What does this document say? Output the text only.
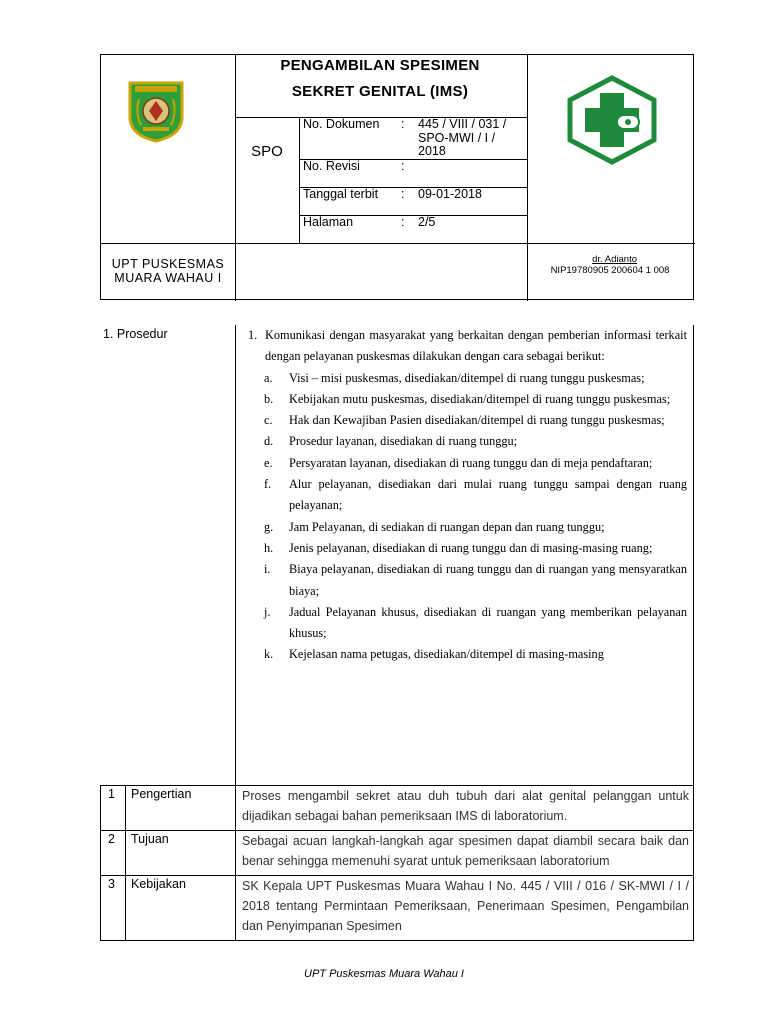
PENGAMBILAN SPESIMEN
SEKRET GENITAL (IMS)
SPO
No. Dokumen : 445 / VIII / 031 / SPO-MWI / I / 2018
No. Revisi	:
Tanggal terbit : 09-01-2018
Halaman	: 2/5
UPT PUSKESMAS
MUARA WAHAU I
dr. Adianto
NIP19780905 200604 1 008
1. Prosedur	1. Komunikasi dengan masyarakat yang berkaitan dengan pemberian informasi terkait dengan pelayanan puskesmas dilakukan dengan cara sebagai berikut:
a.	Visi – misi puskesmas, disediakan/ditempel di ruang tunggu puskesmas;
b.	Kebijakan mutu puskesmas, disediakan/ditempel di ruang tunggu puskesmas;
c.	Hak dan Kewajiban Pasien disediakan/ditempel di ruang tunggu puskesmas;
d.	Prosedur layanan, disediakan di ruang tunggu;
e.	Persyaratan layanan, disediakan di ruang tunggu dan di meja pendaftaran;
f.	Alur pelayanan, disediakan dari mulai ruang tunggu sampai dengan ruang pelayanan;
g.	Jam Pelayanan, di sediakan di ruangan depan dan ruang tunggu;
h.	Jenis pelayanan, disediakan di ruang tunggu dan di masing-masing ruang;
i.	Biaya pelayanan, disediakan di ruang tunggu dan di ruangan yang mensyaratkan biaya;
j.	Jadual Pelayanan khusus, disediakan di ruangan yang memberikan pelayanan khusus;
k.	Kejelasan nama petugas, disediakan/ditempel di masing-masing
1	Pengertian	Proses mengambil sekret atau duh tubuh dari alat genital pelanggan untuk dijadikan sebagai bahan pemeriksaan IMS di laboratorium.
2	Tujuan	Sebagai acuan langkah-langkah agar spesimen dapat diambil secara baik dan benar sehingga memenuhi syarat untuk pemeriksaan laboratorium
3	Kebijakan	SK Kepala UPT Puskesmas Muara Wahau I No. 445 / VIII / 016 / SK-MWI / I / 2018 tentang Permintaan Pemeriksaan, Penerimaan Spesimen, Pengambilan dan Penyimpanan Spesimen
UPT Puskesmas Muara Wahau I
